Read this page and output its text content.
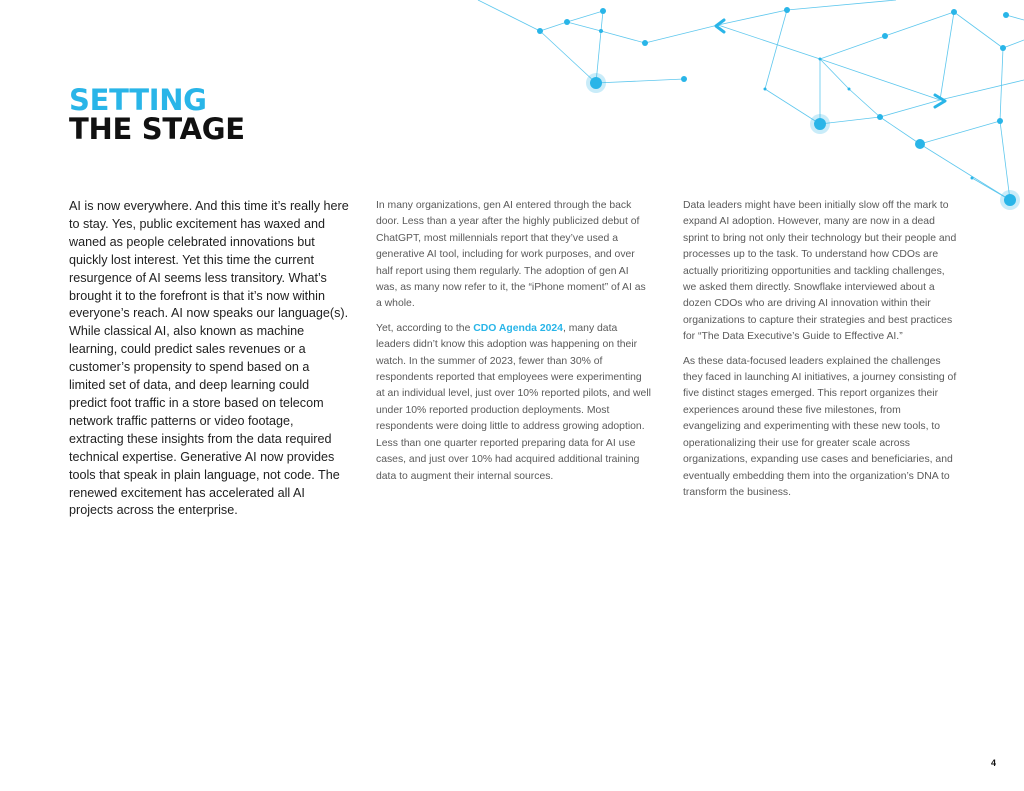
SETTING
THE STAGE

AI is now everywhere. And this time it’s really here to stay. Yes, public excitement has waxed and waned as people celebrated innovations but quickly lost interest. Yet this time the current resurgence of AI seems less transitory. What’s brought it to the forefront is that it’s now within everyone’s reach. AI now speaks our language(s). While classical AI, also known as machine learning, could predict sales revenues or a customer’s propensity to spend based on a limited set of data, and deep learning could predict foot traffic in a store based on telecom network traffic patterns or video footage, extracting these insights from the data required technical expertise. Generative AI now provides tools that speak in plain language, not code. The renewed excitement has accelerated all AI projects across the enterprise.

In many organizations, gen AI entered through the back door. Less than a year after the highly publicized debut of ChatGPT, most millennials report that they’ve used a generative AI tool, including for work purposes, and over half report using them regularly. The adoption of gen AI was, as many now refer to it, the “iPhone moment” of AI as a whole.

Yet, according to the CDO Agenda 2024, many data leaders didn’t know this adoption was happening on their watch. In the summer of 2023, fewer than 30% of respondents reported that employees were experimenting at an individual level, just over 10% reported pilots, and well under 10% reported production deployments. Most respondents were doing little to address growing adoption. Less than one quarter reported preparing data for AI use cases, and just over 10% had acquired additional training data to augment their internal sources.

Data leaders might have been initially slow off the mark to expand AI adoption. However, many are now in a dead sprint to bring not only their technology but their people and processes up to the task. To understand how CDOs are actually prioritizing opportunities and tackling challenges, we asked them directly. Snowflake interviewed about a dozen CDOs who are driving AI innovation within their organizations to capture their strategies and best practices for “The Data Executive’s Guide to Effective AI.”

As these data-focused leaders explained the challenges they faced in launching AI initiatives, a journey consisting of five distinct stages emerged. This report organizes their experiences around these five milestones, from evangelizing and experimenting with these new tools, to operationalizing their use for greater scale across organizations, expanding use cases and beneficiaries, and eventually embedding them into the organization’s DNA to transform the business.

4
